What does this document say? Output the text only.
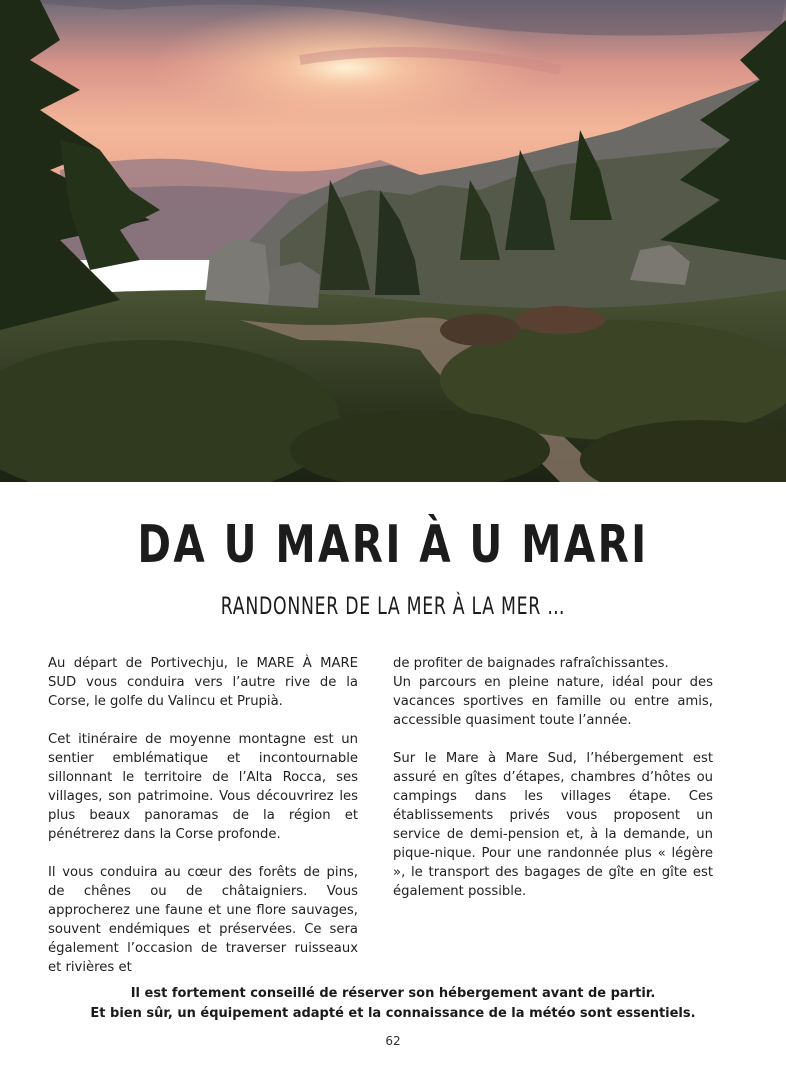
DA U MARI À U MARI
RANDONNER DE LA MER À LA MER …

Au départ de Portivechju, le MARE À MARE SUD vous conduira vers l’autre rive de la Corse, le golfe du Valincu et Prupià.

Cet itinéraire de moyenne montagne est un sentier emblématique et incontournable sillonnant le territoire de l’Alta Rocca, ses villages, son patrimoine. Vous découvrirez les plus beaux panoramas de la région et pénétrerez dans la Corse profonde.

Il vous conduira au cœur des forêts de pins, de chênes ou de châtaigniers. Vous approcherez une faune et une flore sauvages, souvent endémiques et préservées. Ce sera également l’occasion de traverser ruisseaux et rivières et

de profiter de baignades rafraîchissantes.

Un parcours en pleine nature, idéal pour des vacances sportives en famille ou entre amis, accessible quasiment toute l’année.

Sur le Mare à Mare Sud, l’hébergement est assuré en gîtes d’étapes, chambres d’hôtes ou campings dans les villages étape. Ces établissements privés vous proposent un service de demi-pension et, à la demande, un pique-nique. Pour une randonnée plus « légère », le transport des bagages de gîte en gîte est également possible.

Il est fortement conseillé de réserver son hébergement avant de partir.
Et bien sûr, un équipement adapté et la connaissance de la météo sont essentiels.
62
